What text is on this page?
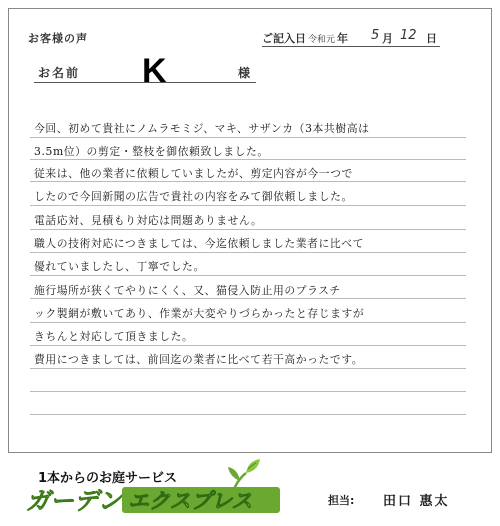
お客様の声	ご記入日 令和元 年 5 月 12 日
お名前 K	様
今回、初めて貴社にノムラモミジ、マキ、サザンカ（3本共樹高は
3.5m位）の剪定・整枝を御依頼致しました。
従来は、他の業者に依頼していましたが、剪定内容が今一つで
したので今回新聞の広告で貴社の内容をみて御依頼しました。
電話応対、見積もり対応は問題ありません。
職人の技術対応につきましては、今迄依頼しました業者に比べて
優れていましたし、丁寧でした。
施行場所が狭くてやりにくく、又、猫侵入防止用のプラスチ
ック製網が敷いてあり、作業が大変やりづらかったと存じますが
きちんと対応して頂きました。
費用につきましては、前回迄の業者に比べて若干高かったです。
1本からのお庭サービス
ガーデン エクスプレス	担当: 田口 惠太
